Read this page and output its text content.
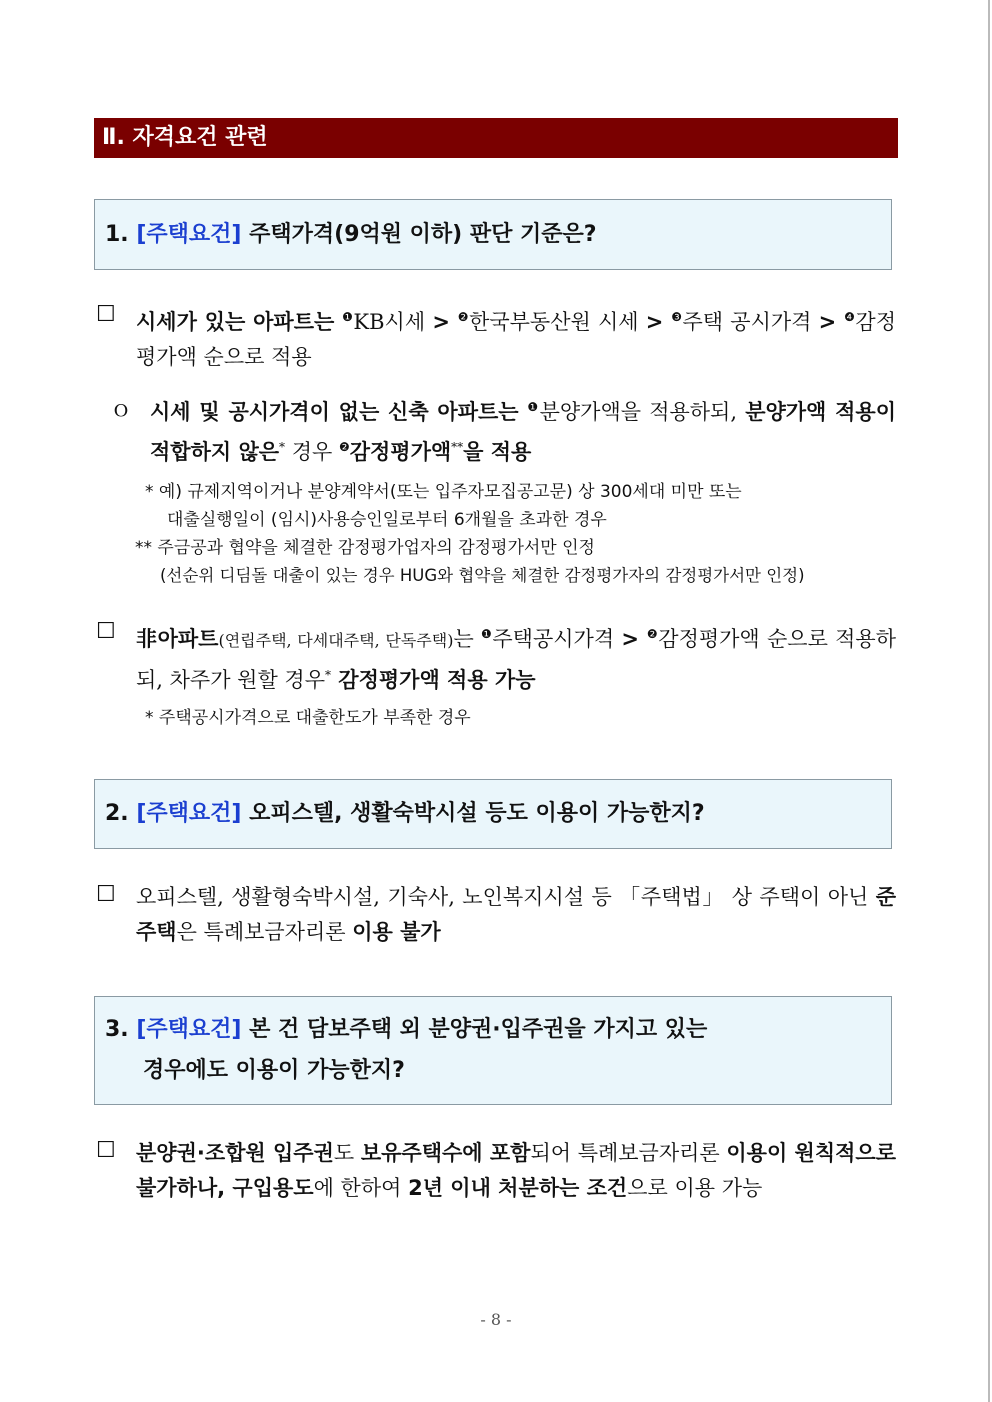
Ⅱ. 자격요건 관련
1. [주택요건] 주택가격(9억원 이하) 판단 기준은?
☐ 시세가 있는 아파트는 $^❶$KB시세 > $^❷$한국부동산원 시세 > $^❸$주택 공시가격 > $^❹$감정평가액 순으로 적용
ｏ 시세 및 공시가격이 없는 신축 아파트는 $^❶$분양가액을 적용하되, 분양가액 적용이 적합하지 않은* 경우 $^❷$감정평가액**을 적용
* 예) 규제지역이거나 분양계약서(또는 입주자모집공고문) 상 300세대 미만 또는
대출실행일이 (임시)사용승인일로부터 6개월을 초과한 경우
** 주금공과 협약을 체결한 감정평가업자의 감정평가서만 인정
(선순위 디딤돌 대출이 있는 경우 HUG와 협약을 체결한 감정평가자의 감정평가서만 인정)
☐ 非아파트(연립주택, 다세대주택, 단독주택)는 $^❶$주택공시가격 > $^❷$감정평가액 순으로 적용하되, 차주가 원할 경우* 감정평가액 적용 가능
* 주택공시가격으로 대출한도가 부족한 경우
2. [주택요건] 오피스텔, 생활숙박시설 등도 이용이 가능한지?
☐ 오피스텔, 생활형숙박시설, 기숙사, 노인복지시설 등 「주택법」 상 주택이 아닌 준주택은 특례보금자리론 이용 불가
3. [주택요건] 본 건 담보주택 외 분양권·입주권을 가지고 있는
경우에도 이용이 가능한지?
☐ 분양권·조합원 입주권도 보유주택수에 포함되어 특례보금자리론 이용이 원칙적으로 불가하나, 구입용도에 한하여 2년 이내 처분하는 조건으로 이용 가능
- 8 -
